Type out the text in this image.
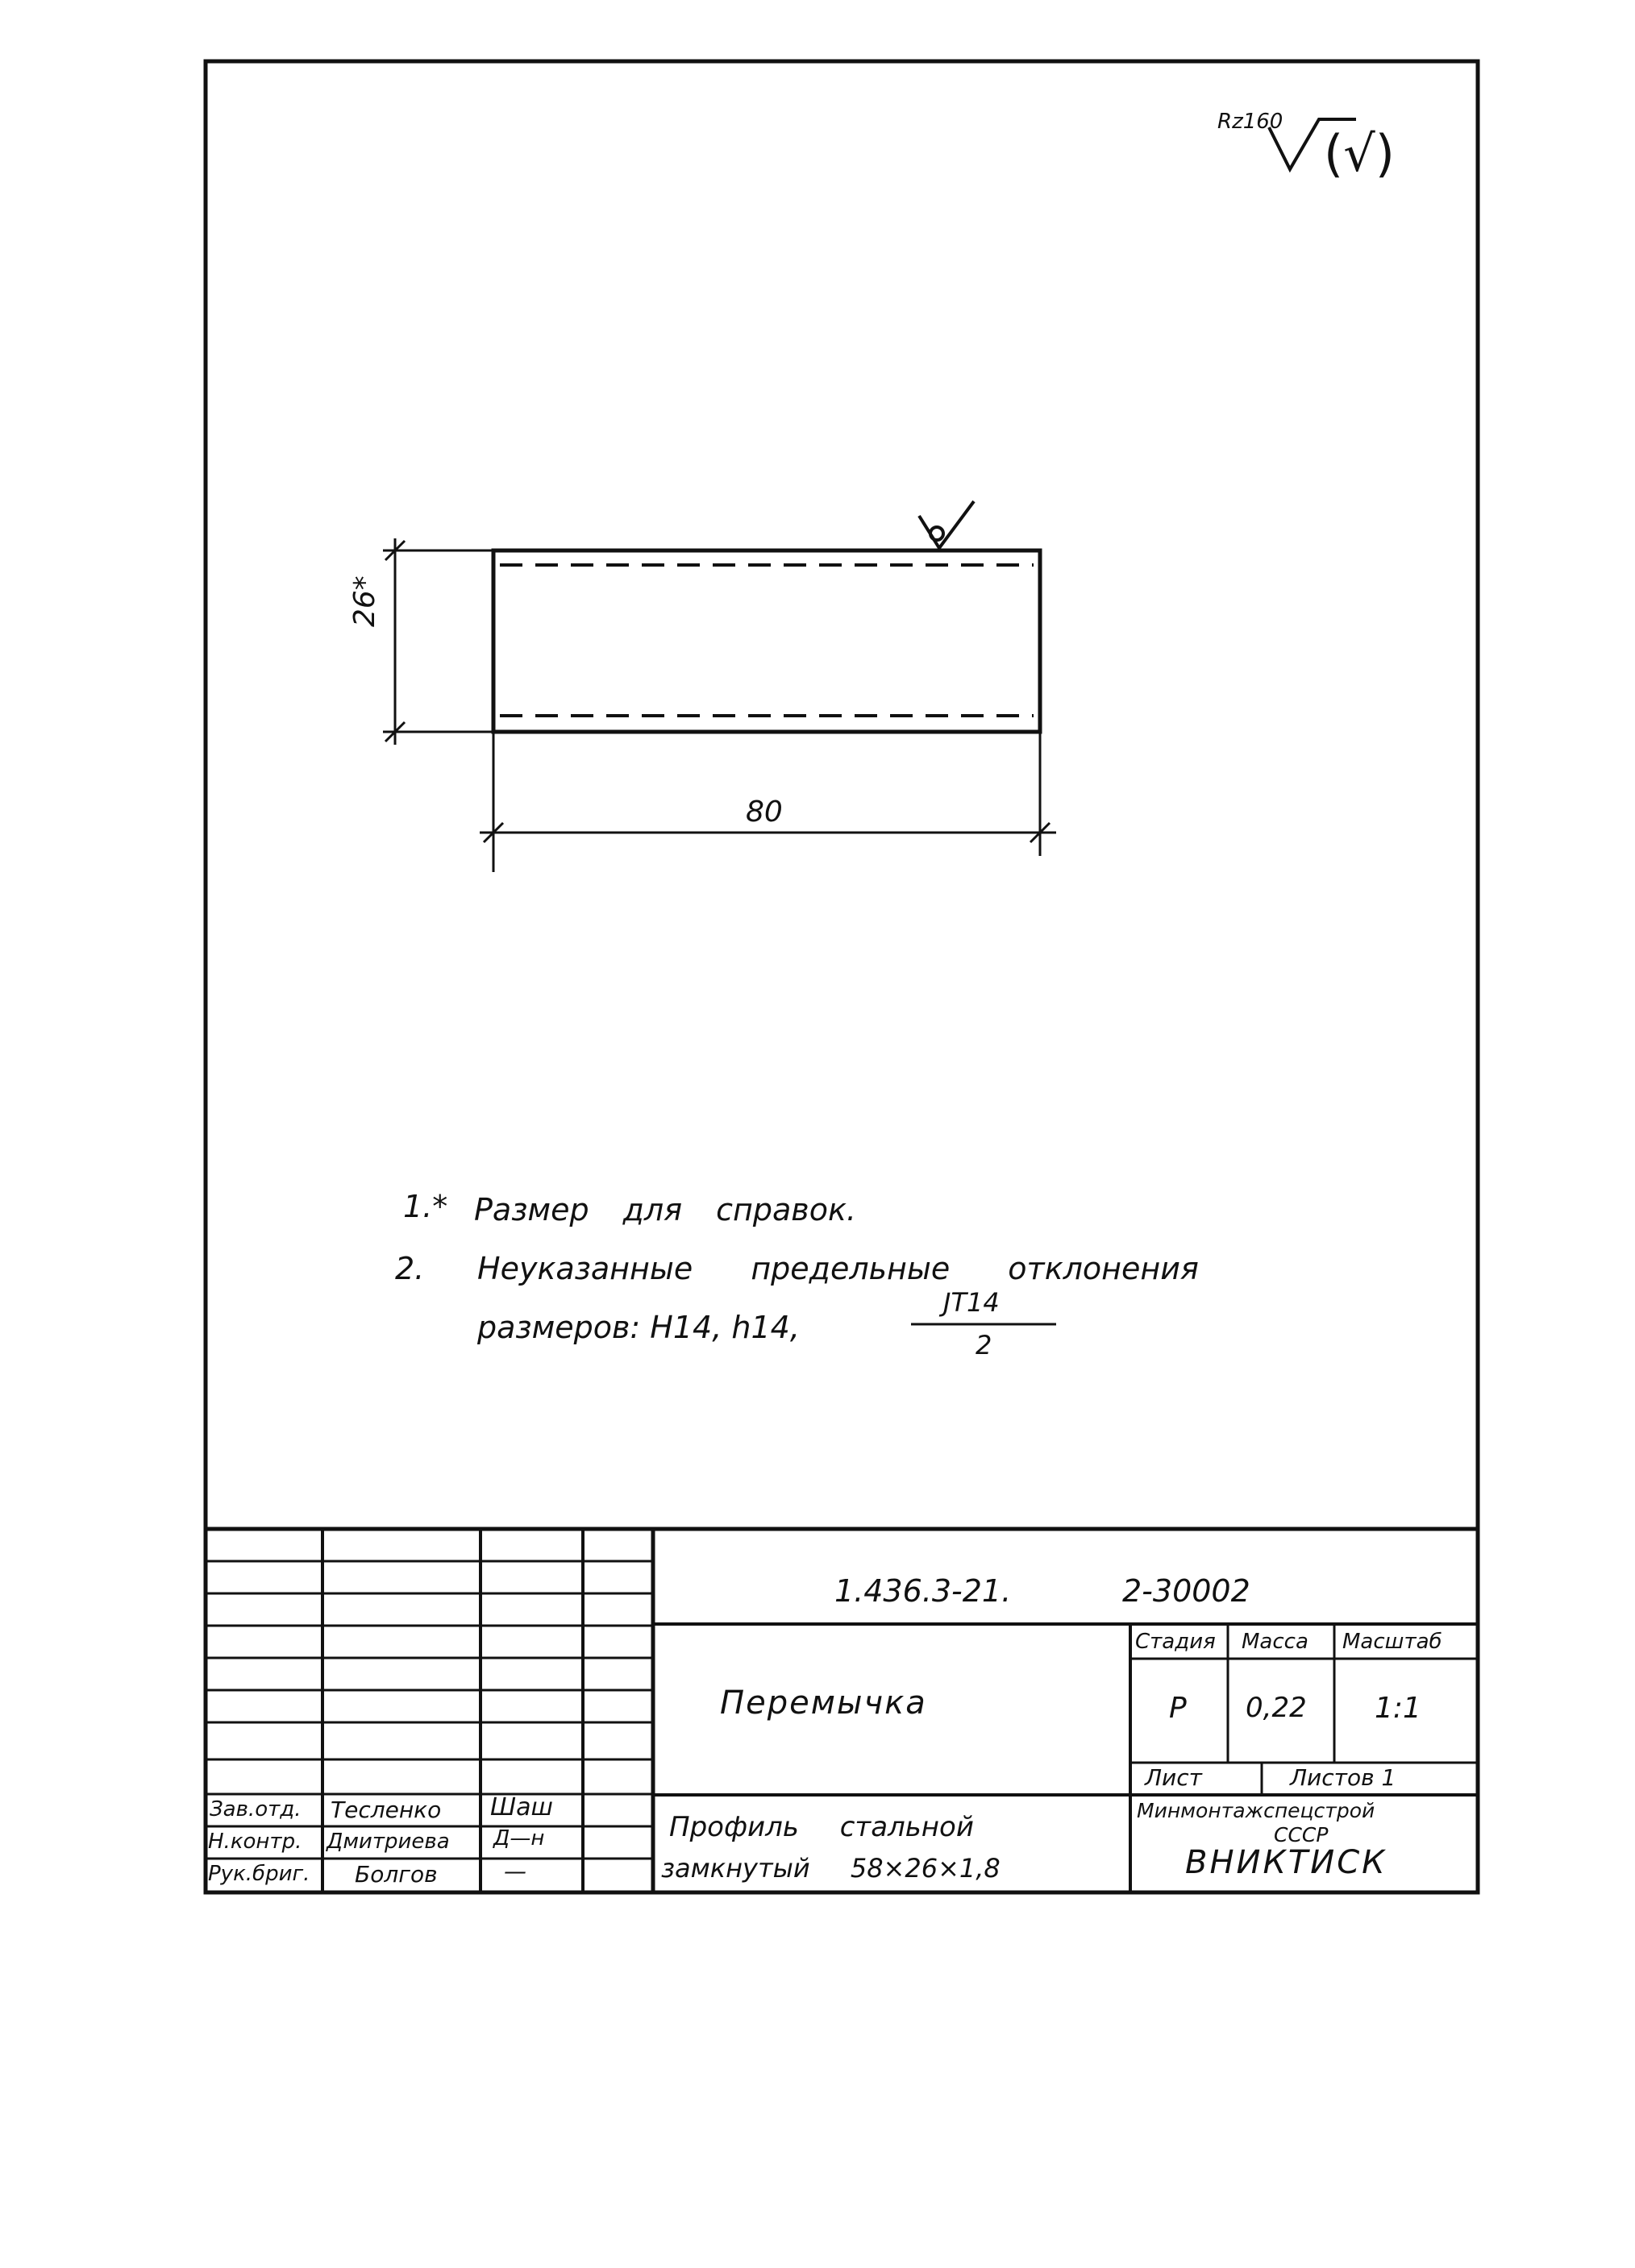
Rz160
(√)
26*
80
1.* Размер для справок.
2. Неуказанные предельные отклонения
размеров: H14, h14,
JT14
2
1.436.3-21.	2-30002
Перемычка
Стадия Масса Масштаб
Р 0,22 1:1
Лист	Листов 1
Профиль стальной
замкнутый 58×26×1,8
Минмонтажспецстрой
СССР
ВНИКТИСК
Зав.отд. Тесленко Шаш
Н.контр. Дмитриева Д—н
Рук.бриг. Болгов	—
